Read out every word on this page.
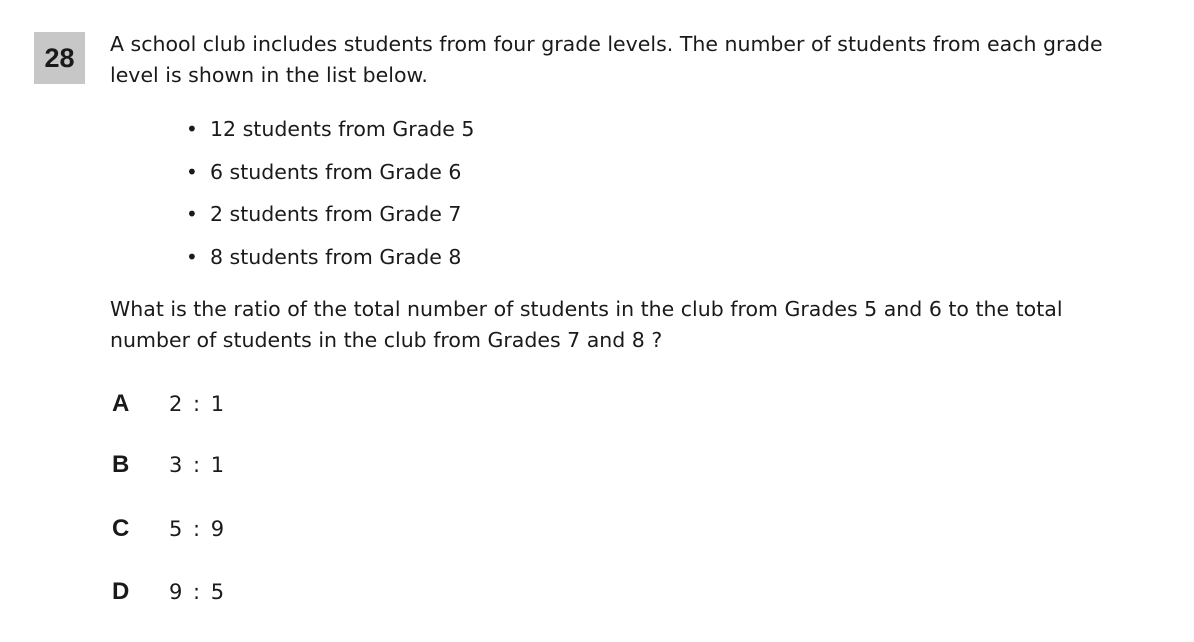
28	A school club includes students from four grade levels. The number of students from each grade level is shown in the list below.

• 12 students from Grade 5
• 6 students from Grade 6
• 2 students from Grade 7
• 8 students from Grade 8

What is the ratio of the total number of students in the club from Grades 5 and 6 to the total number of students in the club from Grades 7 and 8 ?

A	2 : 1
B	3 : 1
C	5 : 9
D	9 : 5
